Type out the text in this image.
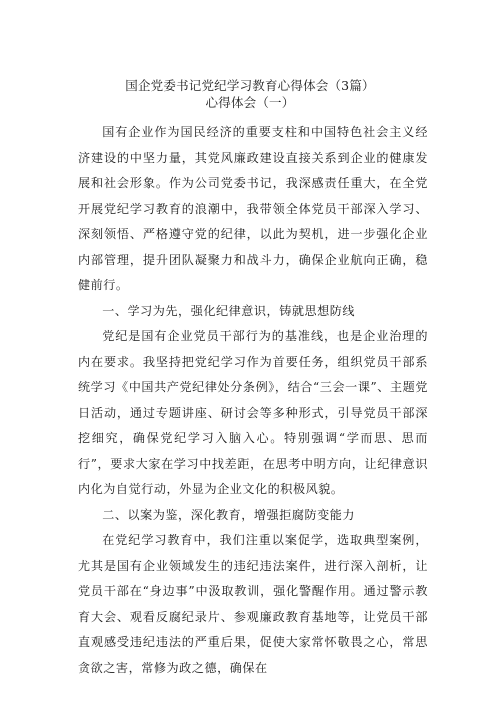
国企党委书记党纪学习教育心得体会（3篇）
心得体会（一）

国有企业作为国民经济的重要支柱和中国特色社会主义经济建设的中坚力量，其党风廉政建设直接关系到企业的健康发展和社会形象。作为公司党委书记，我深感责任重大，在全党开展党纪学习教育的浪潮中，我带领全体党员干部深入学习、深刻领悟、严格遵守党的纪律，以此为契机，进一步强化企业内部管理，提升团队凝聚力和战斗力，确保企业航向正确，稳健前行。

一、学习为先，强化纪律意识，铸就思想防线

党纪是国有企业党员干部行为的基准线，也是企业治理的内在要求。我坚持把党纪学习作为首要任务，组织党员干部系统学习《中国共产党纪律处分条例》，结合“三会一课”、主题党日活动，通过专题讲座、研讨会等多种形式，引导党员干部深挖细究，确保党纪学习入脑入心。特别强调“学而思、思而行”，要求大家在学习中找差距，在思考中明方向，让纪律意识内化为自觉行动，外显为企业文化的积极风貌。

二、以案为鉴，深化教育，增强拒腐防变能力

在党纪学习教育中，我们注重以案促学，选取典型案例，尤其是国有企业领域发生的违纪违法案件，进行深入剖析，让党员干部在“身边事”中汲取教训，强化警醒作用。通过警示教育大会、观看反腐纪录片、参观廉政教育基地等，让党员干部直观感受违纪违法的严重后果，促使大家常怀敬畏之心，常思贪欲之害，常修为政之德，确保在
